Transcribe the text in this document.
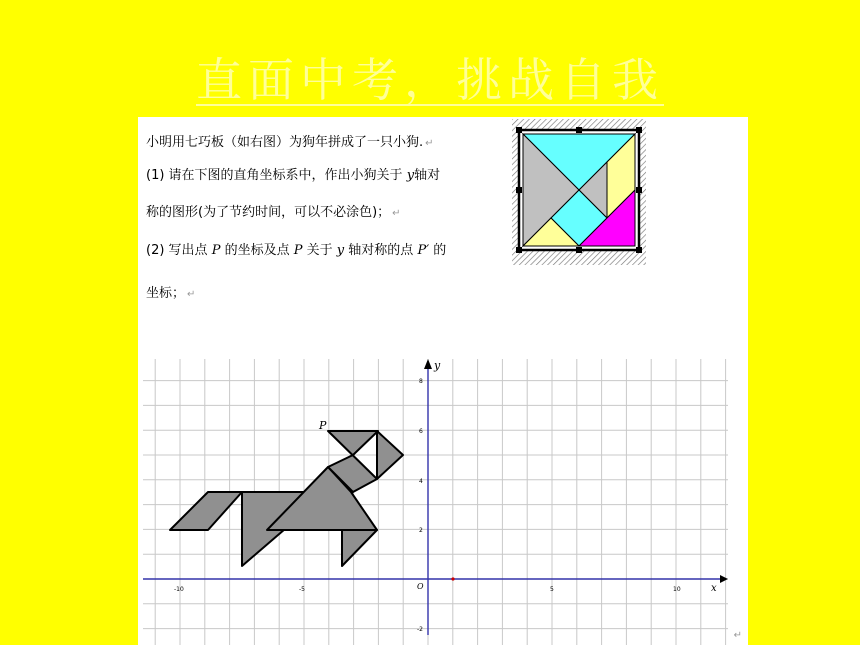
直面中考，挑战自我
小明用七巧板（如右图）为狗年拼成了一只小狗. ↵
(1) 请在下图的直角坐标系中，作出小狗关于 y轴对
称的图形(为了节约时间，可以不必涂色)； ↵
(2) 写出点 P 的坐标及点 P 关于 y 轴对称的点 P′ 的
坐标； ↵
y
x
O
P
-10	-5	5	10
8
6
4
2
-2
↵
